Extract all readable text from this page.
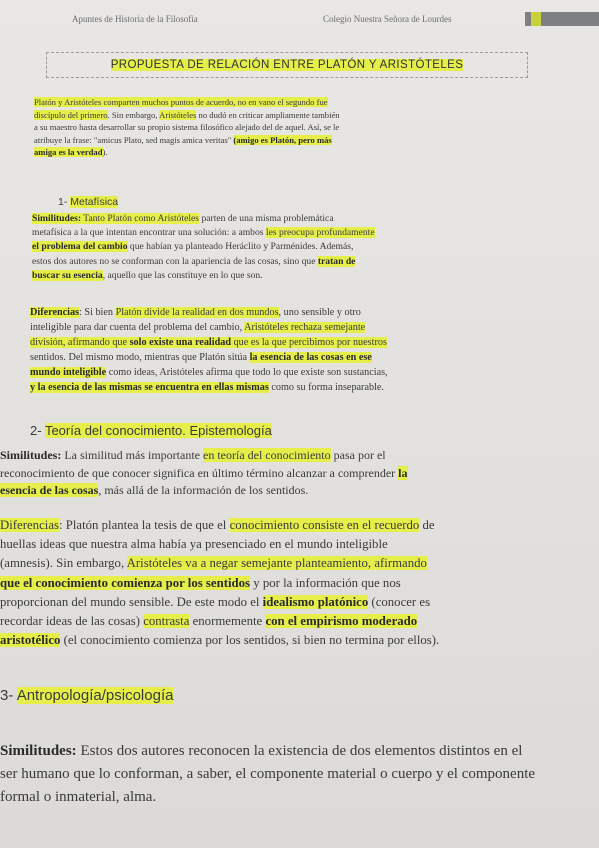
Apuntes de Historia de la Filosofía	Colegio Nuestra Señora de Lourdes
PROPUESTA DE RELACIÓN ENTRE PLATÓN Y ARISTÓTELES
Platón y Aristóteles comparten muchos puntos de acuerdo, no en vano el segundo fue
discípulo del primero. Sin embargo, Aristóteles no dudó en criticar ampliamente también
a su maestro hasta desarrollar su propio sistema filosófico alejado del de aquel. Así, se le
atribuye la frase: "amicus Plato, sed magis amica veritas" (amigo es Platón, pero más
amiga es la verdad).
1- Metafísica
Similitudes: Tanto Platón como Aristóteles parten de una misma problemática
metafísica a la que intentan encontrar una solución: a ambos les preocupa profundamente
el problema del cambio que habían ya planteado Heráclito y Parménides. Además,
estos dos autores no se conforman con la apariencia de las cosas, sino que tratan de
buscar su esencia, aquello que las constituye en lo que son.
Diferencias: Si bien Platón divide la realidad en dos mundos, uno sensible y otro
inteligible para dar cuenta del problema del cambio, Aristóteles rechaza semejante
división, afirmando que solo existe una realidad que es la que percibimos por nuestros
sentidos. Del mismo modo, mientras que Platón sitúa la esencia de las cosas en ese
mundo inteligible como ideas, Aristóteles afirma que todo lo que existe son sustancias,
y la esencia de las mismas se encuentra en ellas mismas como su forma inseparable.
2- Teoría del conocimiento. Epistemología
Similitudes: La similitud más importante en teoría del conocimiento pasa por el
reconocimiento de que conocer significa en último término alcanzar a comprender la
esencia de las cosas, más allá de la información de los sentidos.
Diferencias: Platón plantea la tesis de que el conocimiento consiste en el recuerdo de
huellas ideas que nuestra alma había ya presenciado en el mundo inteligible
(amnesis). Sin embargo, Aristóteles va a negar semejante planteamiento, afirmando
que el conocimiento comienza por los sentidos y por la información que nos
proporcionan del mundo sensible. De este modo el idealismo platónico (conocer es
recordar ideas de las cosas) contrasta enormemente con el empirismo moderado
aristotélico (el conocimiento comienza por los sentidos, si bien no termina por ellos).
3- Antropología/psicología
Similitudes: Estos dos autores reconocen la existencia de dos elementos distintos en el
ser humano que lo conforman, a saber, el componente material o cuerpo y el componente
formal o inmaterial, alma.
